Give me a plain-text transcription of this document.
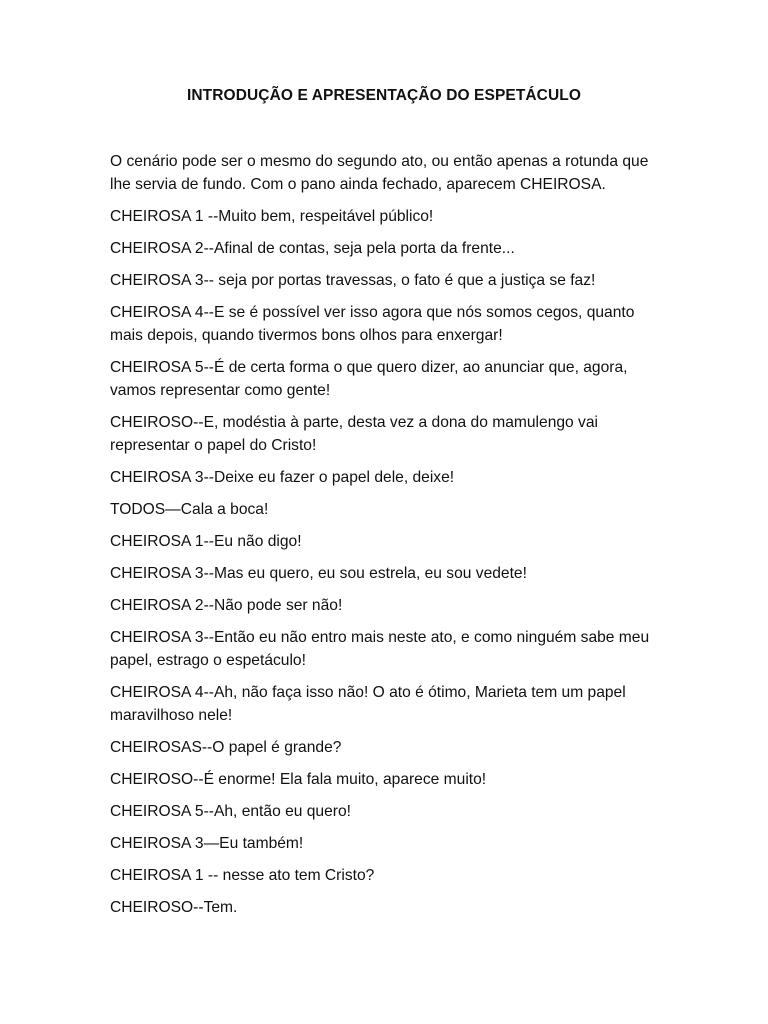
INTRODUÇÃO E APRESENTAÇÃO DO ESPETÁCULO

O cenário pode ser o mesmo do segundo ato, ou então apenas a rotunda que lhe servia de fundo. Com o pano ainda fechado, aparecem CHEIROSA.

CHEIROSA 1 --Muito bem, respeitável público!

CHEIROSA 2--Afinal de contas, seja pela porta da frente...

CHEIROSA 3-- seja por portas travessas, o fato é que a justiça se faz!

CHEIROSA 4--E se é possível ver isso agora que nós somos cegos, quanto mais depois, quando tivermos bons olhos para enxergar!

CHEIROSA 5--É de certa forma o que quero dizer, ao anunciar que, agora, vamos representar como gente!

CHEIROSO--E, modéstia à parte, desta vez a dona do mamulengo vai representar o papel do Cristo!

CHEIROSA 3--Deixe eu fazer o papel dele, deixe!

TODOS—Cala a boca!

CHEIROSA 1--Eu não digo!

CHEIROSA 3--Mas eu quero, eu sou estrela, eu sou vedete!

CHEIROSA 2--Não pode ser não!

CHEIROSA 3--Então eu não entro mais neste ato, e como ninguém sabe meu papel, estrago o espetáculo!

CHEIROSA 4--Ah, não faça isso não! O ato é ótimo, Marieta tem um papel maravilhoso nele!

CHEIROSAS--O papel é grande?

CHEIROSO--É enorme! Ela fala muito, aparece muito!

CHEIROSA 5--Ah, então eu quero!

CHEIROSA 3—Eu também!

CHEIROSA 1 -- nesse ato tem Cristo?

CHEIROSO--Tem.
